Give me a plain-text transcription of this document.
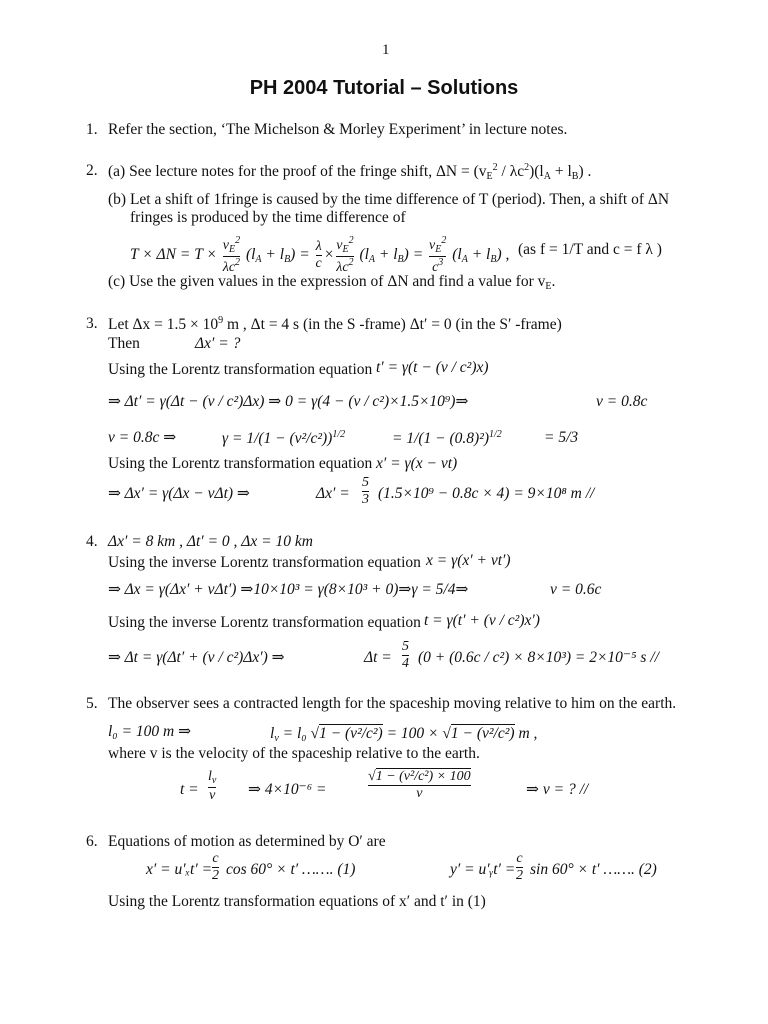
1
PH 2004 Tutorial – Solutions
1. Refer the section, ‘The Michelson & Morley Experiment’ in lecture notes.
2. (a) See lecture notes for the proof of the fringe shift, $\Delta N = (v_E^2 / \lambda c^2)(l_A + l_B)$ .
(b) Let a shift of 1fringe is caused by the time difference of T (period). Then, a shift of ΔN
fringes is produced by the time difference of
$T \times \Delta N = T \times \frac{v_E^2}{\lambda c^2} (l_A + l_B) = \frac{\lambda}{c} \times \frac{v_E^2}{\lambda c^2} (l_A + l_B) = \frac{v_E^2}{c^3} (l_A + l_B)$ , (as f = 1/T and c = f λ )
(c) Use the given values in the expression of ΔN and find a value for $v_E$.
3. Let $\Delta x = 1.5 \times 10^9$ m , Δt = 4 s (in the S -frame) Δt′ = 0 (in the S′ -frame)
Then	Δx′ = ?
Using the Lorentz transformation equation t′ = γ(t − (v / c²)x)
⇒ Δt′ = γ(Δt − (v / c²)Δx) ⇒ 0 = γ(4 − (v / c²)×1.5×10⁹)⇒	v = 0.8c
v = 0.8c ⇒	$\gamma = 1/(1 - (v^2/c^2))^{1/2}$	= $1/(1 - (0.8)^2)^{1/2}$	= 5/3
Using the Lorentz transformation equation x′ = γ(x − vt)
⇒ Δx′ = γ(Δx − vΔt) ⇒	$\Delta x' = \frac{5}{3} (1.5\times 10^9 - 0.8c \times 4) = 9\times 10^8$ m //
4. Δx′ = 8 km , Δt′ = 0 , Δx = 10 km
Using the inverse Lorentz transformation equation x = γ(x′ + vt′)
⇒ Δx = γ(Δx′ + vΔt′) ⇒10×10³ = γ(8×10³ + 0)⇒γ = 5/4⇒	v = 0.6c
Using the inverse Lorentz transformation equation t = γ(t′ + (v / c²)x′)
⇒ Δt = γ(Δt′ + (v / c²)Δx′) ⇒	$\Delta t = \frac{5}{4} (0 + (0.6c / c^2) \times 8\times 10^3) = 2\times 10^{-5}$ s //
5. The observer sees a contracted length for the spaceship moving relative to him on the earth.
l₀ = 100 m ⇒	$l_v = l_0$ √1 − (v²/c²) = 100 × √1 − (v²/c²) m ,
where v is the velocity of the spaceship relative to the earth.
$t = \frac{l_v}{v}$ ⇒ 4×10⁻⁶ =	$\frac{\text{√1 − (v²/c²) × 100}}{v}$	⇒ v = ? //
6. Equations of motion as determined by O′ are
$x' = u'_xt' = \frac{c}{2}$ cos 60° × t′ ……. (1)	y′ = u′ᵧt′ = $\frac{c}{2}$ sin 60° × t′ ……. (2)
Using the Lorentz transformation equations of x′ and t′ in (1)
